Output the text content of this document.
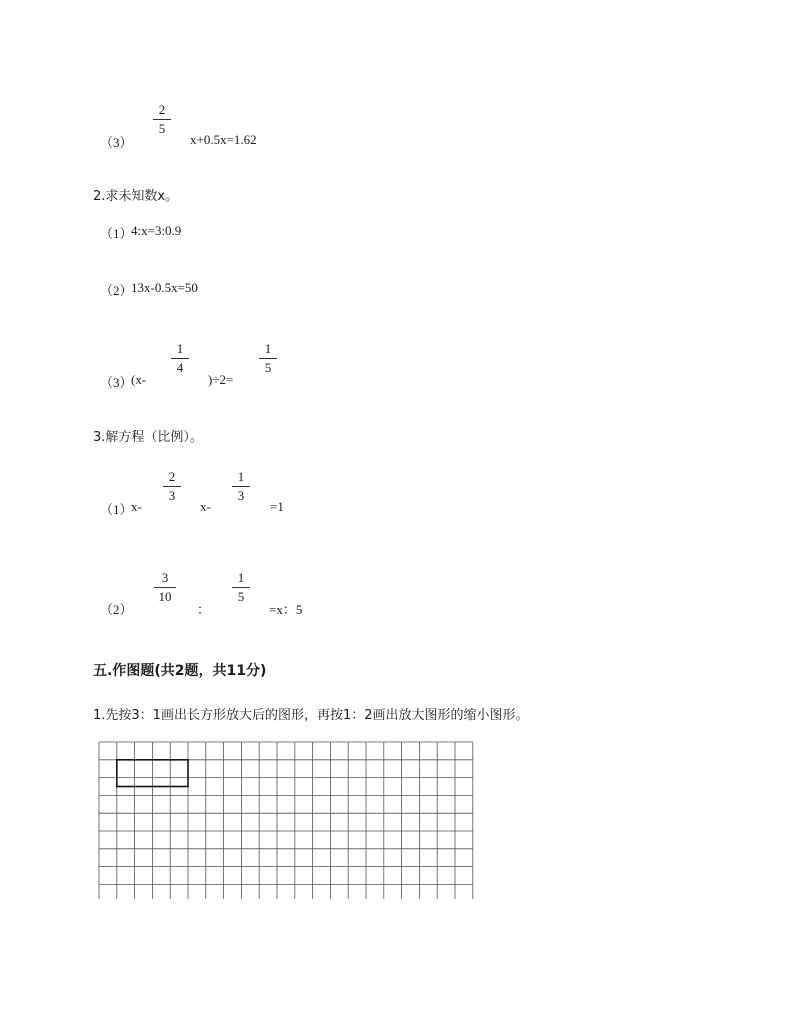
（3）
2
5
x+0.5x=1.62
2.求未知数x。
（1）
4:x=3:0.9
（2）
13x-0.5x=50
（3）
(x-
1
4
)÷2=
1
5
3.解方程（比例）。
（1）
x-
2
3
x-
1
3
=1
（2）
3
10
：
1
5
=x：5
五.作图题(共2题，共11分)
1.先按3：1画出长方形放大后的图形，再按1：2画出放大图形的缩小图形。
